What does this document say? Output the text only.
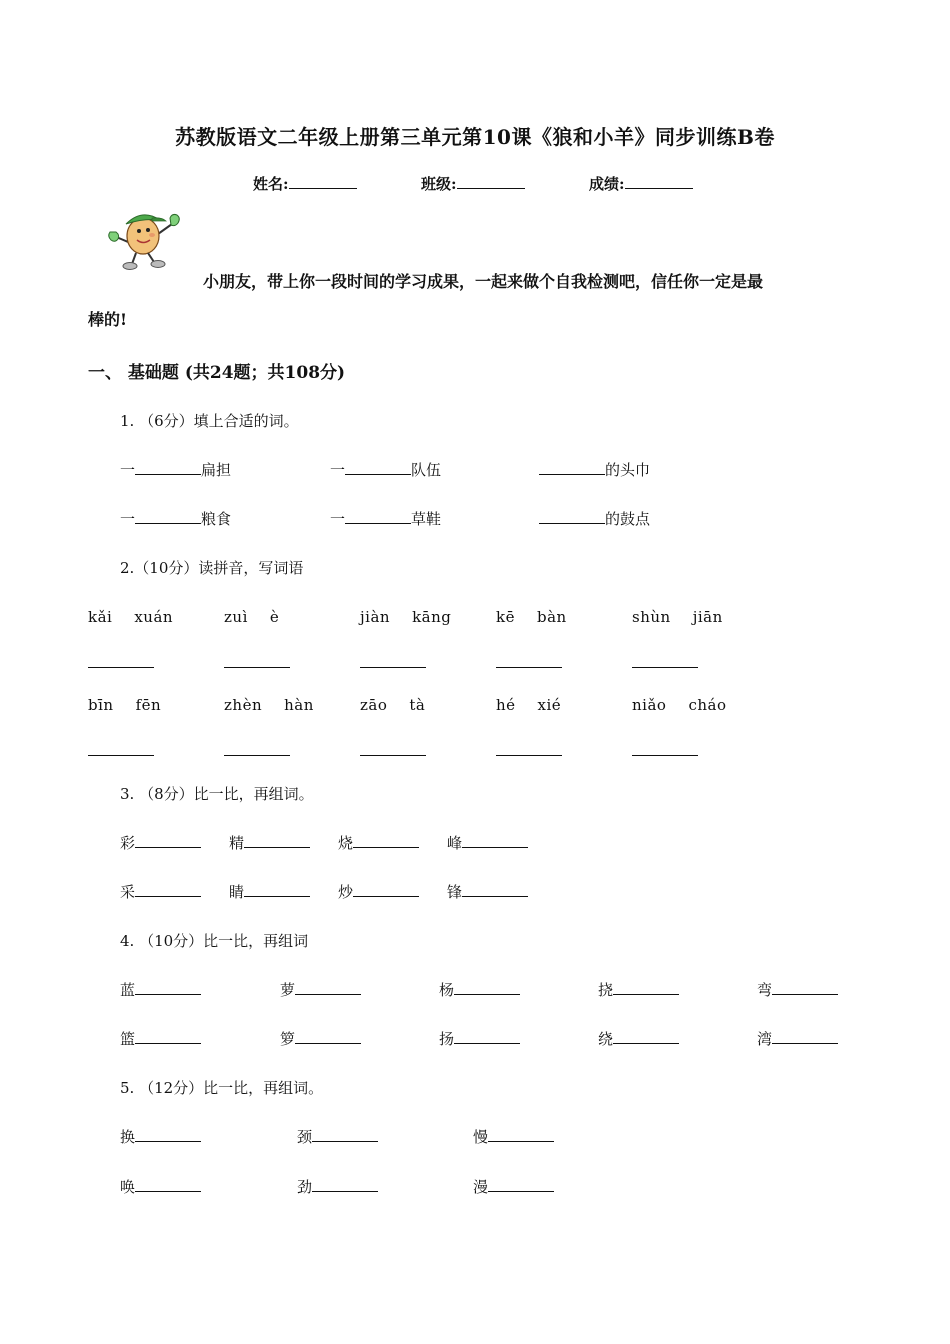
苏教版语文二年级上册第三单元第10课《狼和小羊》同步训练B卷
姓名:	班级:	成绩:
小朋友，带上你一段时间的学习成果，一起来做个自我检测吧，信任你一定是最
棒的!
一、 基础题 (共24题；共108分)
1. （6分）填上合适的词。
一	扁担	一	队伍	的头巾
一	粮食	一	草鞋	的鼓点
2.（10分）读拼音，写词语
kǎi xuán	zuì è	jiàn kāng	kē bàn	shùn jiān
bīn fēn	zhèn hàn	zāo tà	hé xié	niǎo cháo
3. （8分）比一比，再组词。
彩	精	烧	峰
采	睛	炒	锋
4. （10分）比一比，再组词
蓝	萝	杨	挠	弯
篮	箩	扬	绕	湾
5. （12分）比一比，再组词。
换	颈	慢
唤	劲	漫
